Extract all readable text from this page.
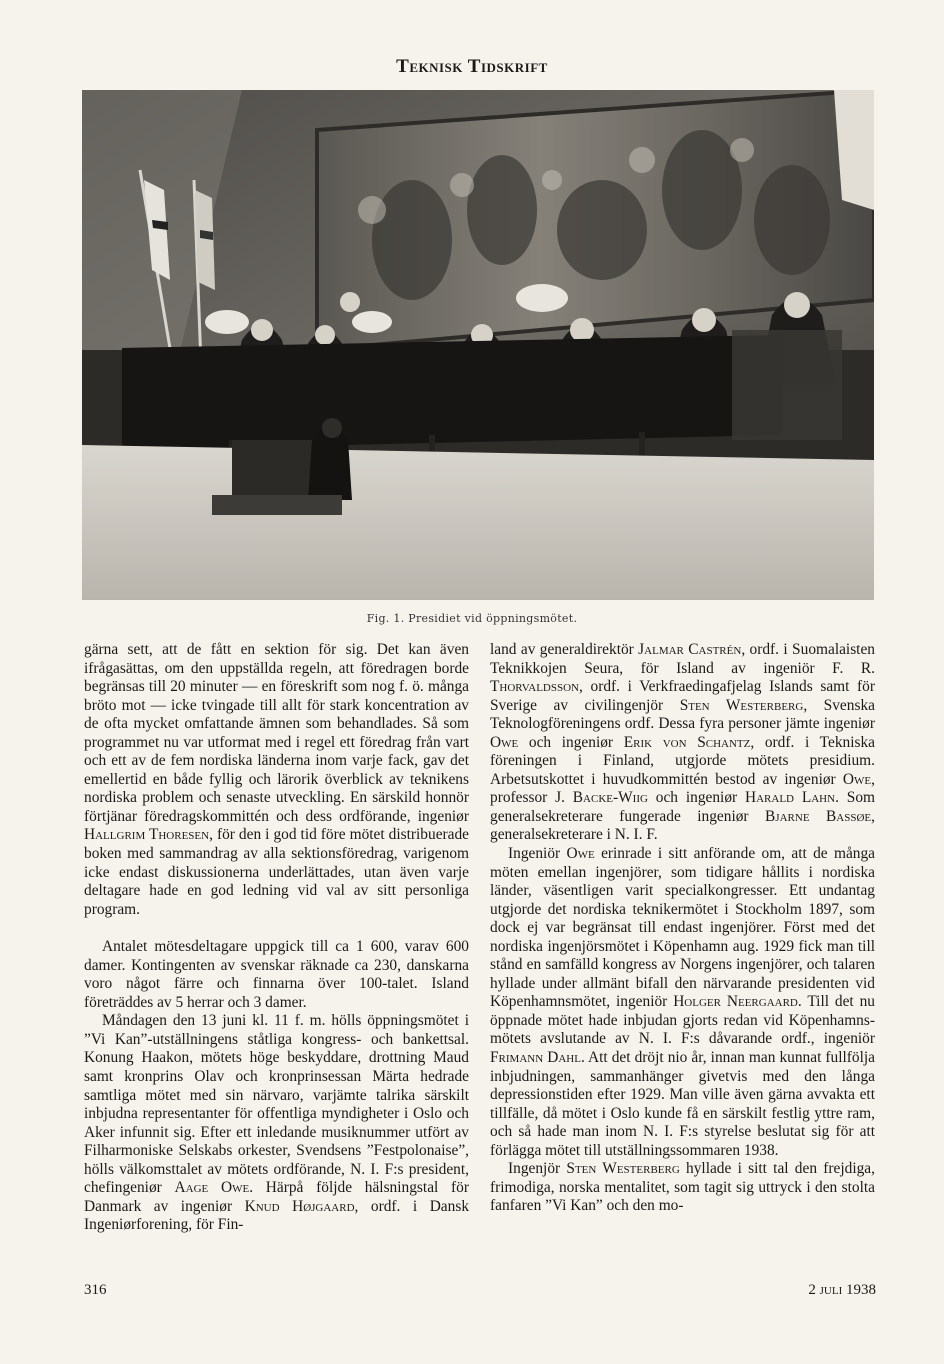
Teknisk Tidskrift
Fig. 1. Presidiet vid öppningsmötet.

gärna sett, att de fått en sektion för sig. Det kan även ifrågasättas, om den uppställda regeln, att föredragen borde begränsas till 20 minuter — en föreskrift som nog f. ö. många bröto mot — icke tvingade till allt för stark koncentration av de ofta mycket omfattande ämnen som behandlades. Så som programmet nu var utformat med i regel ett föredrag från vart och ett av de fem nordiska länderna inom varje fack, gav det emellertid en både fyllig och lärorik överblick av teknikens nordiska problem och senaste utveckling. En särskild honnör förtjänar föredragskommittén och dess ordförande, ingeniør Hallgrim Thoresen, för den i god tid före mötet distribuerade boken med sammandrag av alla sektionsföredrag, varigenom icke endast diskussionerna underlättades, utan även varje deltagare hade en god ledning vid val av sitt personliga program.

Antalet mötesdeltagare uppgick till ca 1 600, varav 600 damer. Kontingenten av svenskar räknade ca 230, danskarna voro något färre och finnarna över 100-talet. Island företräddes av 5 herrar och 3 damer.

Måndagen den 13 juni kl. 11 f. m. hölls öppningsmötet i ”Vi Kan”-utställningens ståtliga kongress- och bankettsal. Konung Haakon, mötets höge beskyddare, drottning Maud samt kronprins Olav och kronprinsessan Märta hedrade samtliga mötet med sin närvaro, varjämte talrika särskilt inbjudna representanter för offentliga myndigheter i Oslo och Aker infunnit sig. Efter ett inledande musiknummer utfört av Filharmoniske Selskabs orkester, Svendsens ”Festpolonaise”, hölls välkomsttalet av mötets ordförande, N. I. F:s president, chefingeniør Aage Owe. Härpå följde hälsningstal för Danmark av ingeniør Knud Højgaard, ordf. i Dansk Ingeniørforening, för Fin-

land av generaldirektör Jalmar Castrén, ordf. i Suomalaisten Teknikkojen Seura, för Island av ingeniör F. R. Thorvaldsson, ordf. i Verkfraedingafjelag Islands samt för Sverige av civilingenjör Sten Westerberg, Svenska Teknologföreningens ordf. Dessa fyra personer jämte ingeniør Owe och ingeniør Erik von Schantz, ordf. i Tekniska föreningen i Finland, utgjorde mötets presidium. Arbetsutskottet i huvudkommittén bestod av ingeniør Owe, professor J. Backe-Wiig och ingeniør Harald Lahn. Som generalsekreterare fungerade ingeniør Bjarne Bassøe, generalsekreterare i N. I. F.

Ingeniör Owe erinrade i sitt anförande om, att de många möten emellan ingenjörer, som tidigare hållits i nordiska länder, väsentligen varit specialkongresser. Ett undantag utgjorde det nordiska teknikermötet i Stockholm 1897, som dock ej var begränsat till endast ingenjörer. Först med det nordiska ingenjörsmötet i Köpenhamn aug. 1929 fick man till stånd en samfälld kongress av Norgens ingenjörer, och talaren hyllade under allmänt bifall den närvarande presidenten vid Köpenhamnsmötet, ingeniör Holger Neergaard. Till det nu öppnade mötet hade inbjudan gjorts redan vid Köpenhamns-mötets avslutande av N. I. F:s dåvarande ordf., ingeniör Frimann Dahl. Att det dröjt nio år, innan man kunnat fullfölja inbjudningen, sammanhänger givetvis med den långa depressionstiden efter 1929. Man ville även gärna avvakta ett tillfälle, då mötet i Oslo kunde få en särskilt festlig yttre ram, och så hade man inom N. I. F:s styrelse beslutat sig för att förlägga mötet till utställningssommaren 1938.

Ingenjör Sten Westerberg hyllade i sitt tal den frejdiga, frimodiga, norska mentalitet, som tagit sig uttryck i den stolta fanfaren ”Vi Kan” och den mo-

316	2 juli 1938
